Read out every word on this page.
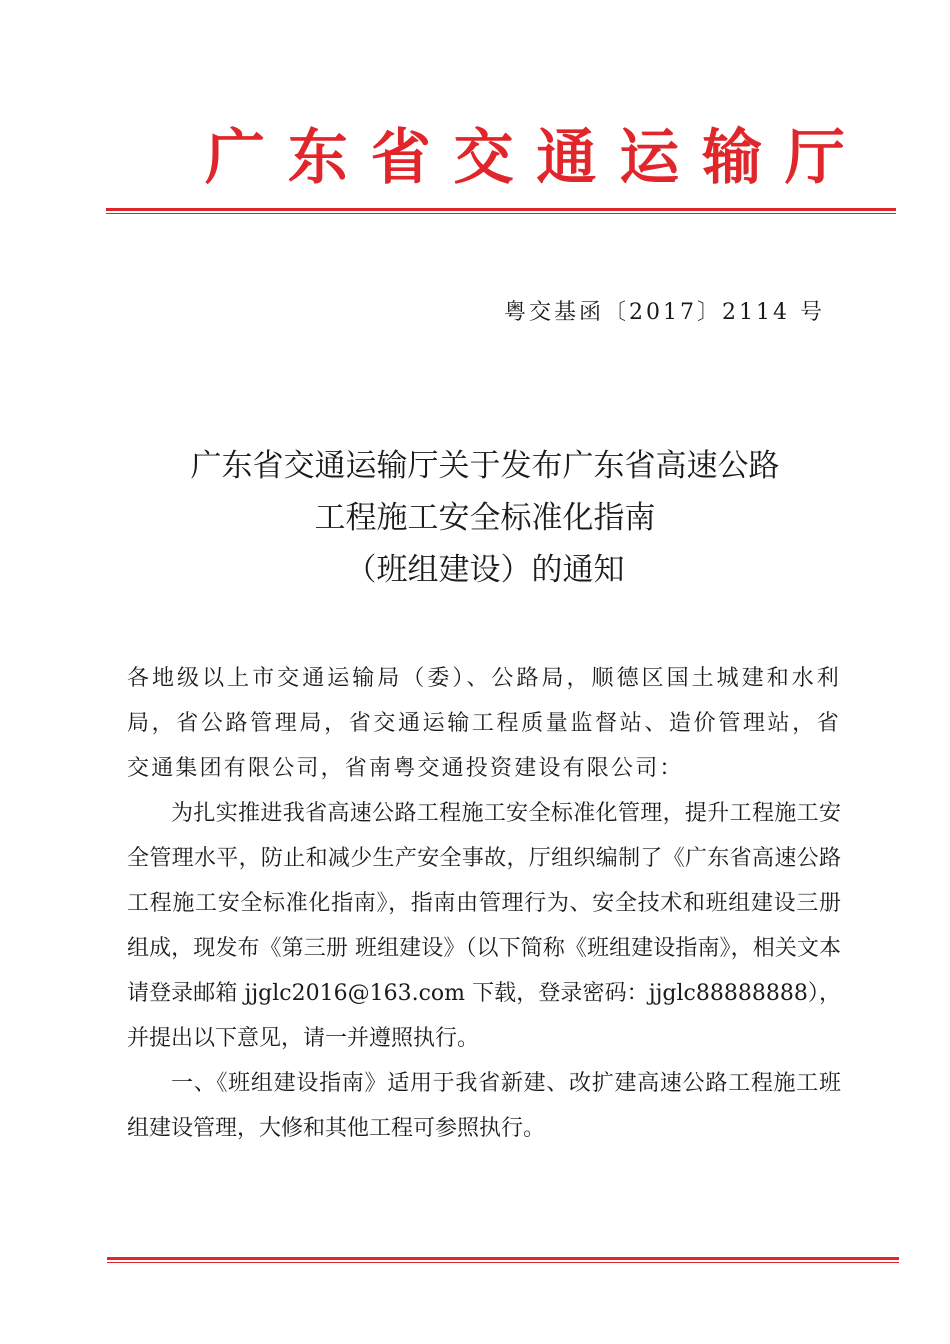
广 东 省 交 通 运 输 厅
粤交基函〔2017〕2114 号
广东省交通运输厅关于发布广东省高速公路
工程施工安全标准化指南
（班组建设）的通知

各地级以上市交通运输局（委）、公路局，顺德区国土城建和水利局，省公路管理局，省交通运输工程质量监督站、造价管理站，省交通集团有限公司，省南粤交通投资建设有限公司：

为扎实推进我省高速公路工程施工安全标准化管理，提升工程施工安全管理水平，防止和减少生产安全事故，厅组织编制了《广东省高速公路工程施工安全标准化指南》，指南由管理行为、安全技术和班组建设三册组成，现发布《第三册 班组建设》（以下简称《班组建设指南》，相关文本请登录邮箱 jjglc2016@163.com 下载，登录密码：jjglc88888888），并提出以下意见，请一并遵照执行。

一、《班组建设指南》适用于我省新建、改扩建高速公路工程施工班组建设管理，大修和其他工程可参照执行。
